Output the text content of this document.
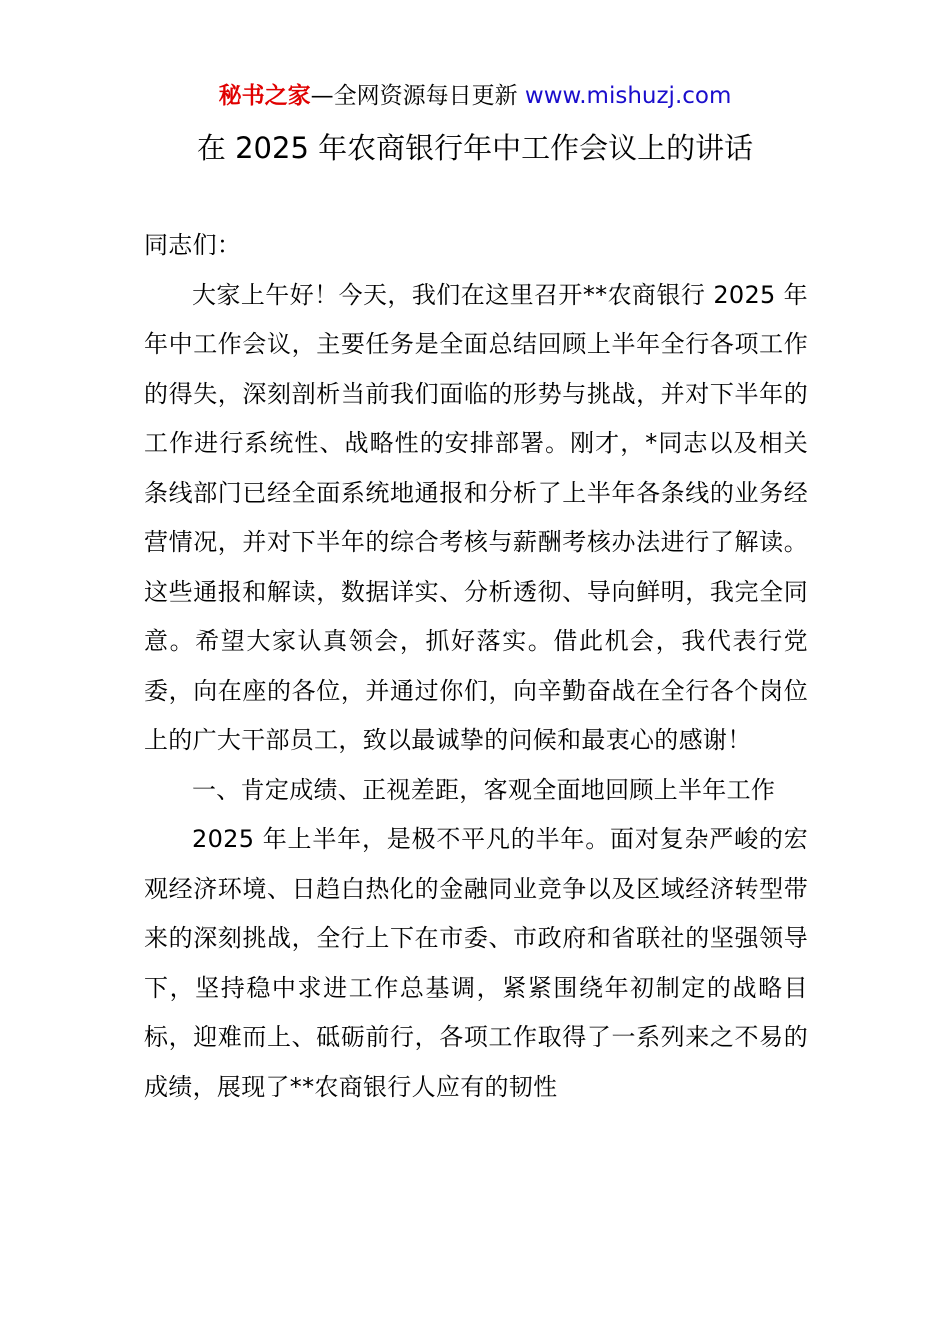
秘书之家—全网资源每日更新 www.mishuzj.com
在 2025 年农商银行年中工作会议上的讲话

同志们：

大家上午好！今天，我们在这里召开**农商银行 2025 年年中工作会议，主要任务是全面总结回顾上半年全行各项工作的得失，深刻剖析当前我们面临的形势与挑战，并对下半年的工作进行系统性、战略性的安排部署。刚才，*同志以及相关条线部门已经全面系统地通报和分析了上半年各条线的业务经营情况，并对下半年的综合考核与薪酬考核办法进行了解读。这些通报和解读，数据详实、分析透彻、导向鲜明，我完全同意。希望大家认真领会，抓好落实。借此机会，我代表行党委，向在座的各位，并通过你们，向辛勤奋战在全行各个岗位上的广大干部员工，致以最诚挚的问候和最衷心的感谢！

一、肯定成绩、正视差距，客观全面地回顾上半年工作

2025 年上半年，是极不平凡的半年。面对复杂严峻的宏观经济环境、日趋白热化的金融同业竞争以及区域经济转型带来的深刻挑战，全行上下在市委、市政府和省联社的坚强领导下，坚持稳中求进工作总基调，紧紧围绕年初制定的战略目标，迎难而上、砥砺前行，各项工作取得了一系列来之不易的成绩，展现了**农商银行人应有的韧性
